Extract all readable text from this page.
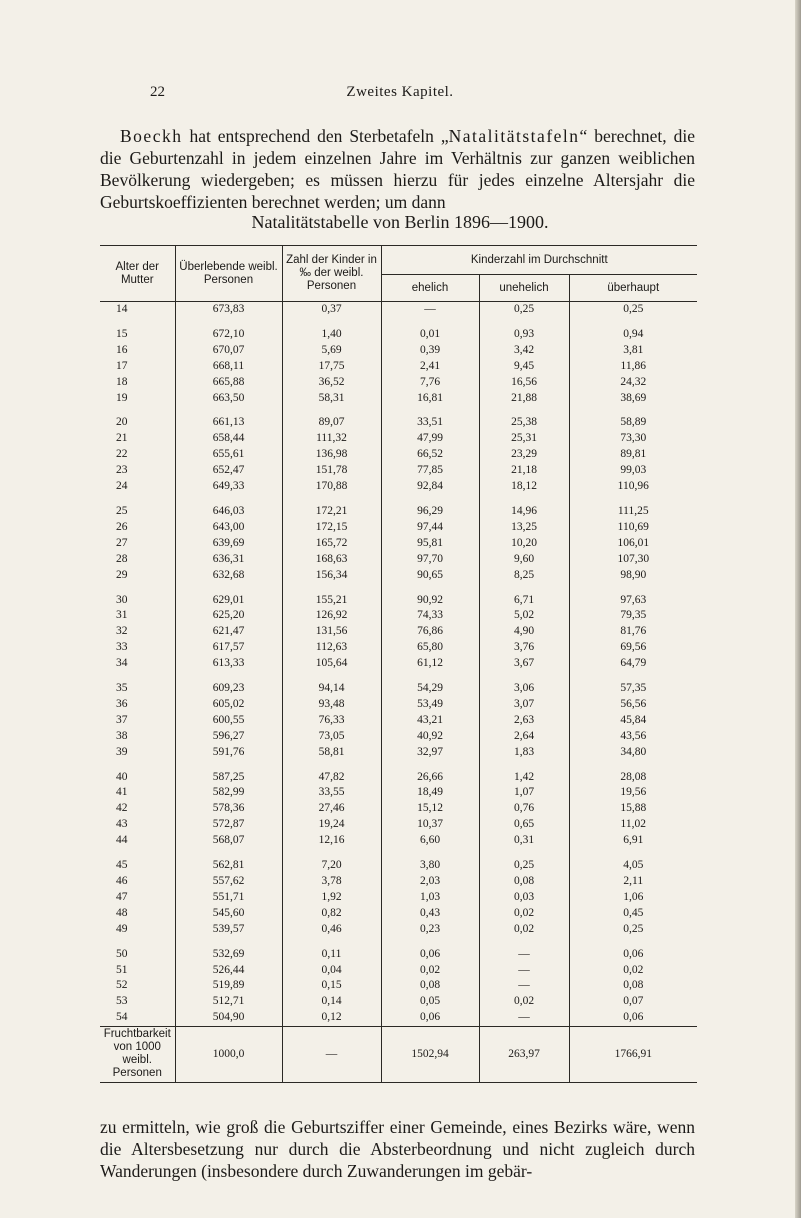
22	Zweites Kapitel.

Boeckh hat entsprechend den Sterbetafeln „Natalitätstafeln“ berechnet, die die Geburtenzahl in jedem einzelnen Jahre im Verhältnis zur ganzen weiblichen Bevölkerung wiedergeben; es müssen hierzu für jedes einzelne Altersjahr die Geburtskoeffizienten berechnet werden; um dann

Natalitätstabelle von Berlin 1896—1900.
Alter der Mutter	Überlebende weibl. Personen	Zahl der Kinder in ‰ der weibl. Personen	Kinderzahl im Durchschnitt		
			ehelich	unehelich	überhaupt
14	673,83	0,37	—	0,25	0,25
15	672,10	1,40	0,01	0,93	0,94
16	670,07	5,69	0,39	3,42	3,81
17	668,11	17,75	2,41	9,45	11,86
18	665,88	36,52	7,76	16,56	24,32
19	663,50	58,31	16,81	21,88	38,69
20	661,13	89,07	33,51	25,38	58,89
21	658,44	111,32	47,99	25,31	73,30
22	655,61	136,98	66,52	23,29	89,81
23	652,47	151,78	77,85	21,18	99,03
24	649,33	170,88	92,84	18,12	110,96
25	646,03	172,21	96,29	14,96	111,25
26	643,00	172,15	97,44	13,25	110,69
27	639,69	165,72	95,81	10,20	106,01
28	636,31	168,63	97,70	9,60	107,30
29	632,68	156,34	90,65	8,25	98,90
30	629,01	155,21	90,92	6,71	97,63
31	625,20	126,92	74,33	5,02	79,35
32	621,47	131,56	76,86	4,90	81,76
33	617,57	112,63	65,80	3,76	69,56
34	613,33	105,64	61,12	3,67	64,79
35	609,23	94,14	54,29	3,06	57,35
36	605,02	93,48	53,49	3,07	56,56
37	600,55	76,33	43,21	2,63	45,84
38	596,27	73,05	40,92	2,64	43,56
39	591,76	58,81	32,97	1,83	34,80
40	587,25	47,82	26,66	1,42	28,08
41	582,99	33,55	18,49	1,07	19,56
42	578,36	27,46	15,12	0,76	15,88
43	572,87	19,24	10,37	0,65	11,02
44	568,07	12,16	6,60	0,31	6,91
45	562,81	7,20	3,80	0,25	4,05
46	557,62	3,78	2,03	0,08	2,11
47	551,71	1,92	1,03	0,03	1,06
48	545,60	0,82	0,43	0,02	0,45
49	539,57	0,46	0,23	0,02	0,25
50	532,69	0,11	0,06	—	0,06
51	526,44	0,04	0,02	—	0,02
52	519,89	0,15	0,08	—	0,08
53	512,71	0,14	0,05	0,02	0,07
54	504,90	0,12	0,06	—	0,06
Fruchtbarkeit von 1000 weibl. Personen	1000,0	—	1502,94	263,97	1766,91

zu ermitteln, wie groß die Geburtsziffer einer Gemeinde, eines Bezirks wäre, wenn die Altersbesetzung nur durch die Absterbeordnung und nicht zugleich durch Wanderungen (insbesondere durch Zuwanderungen im gebär-
